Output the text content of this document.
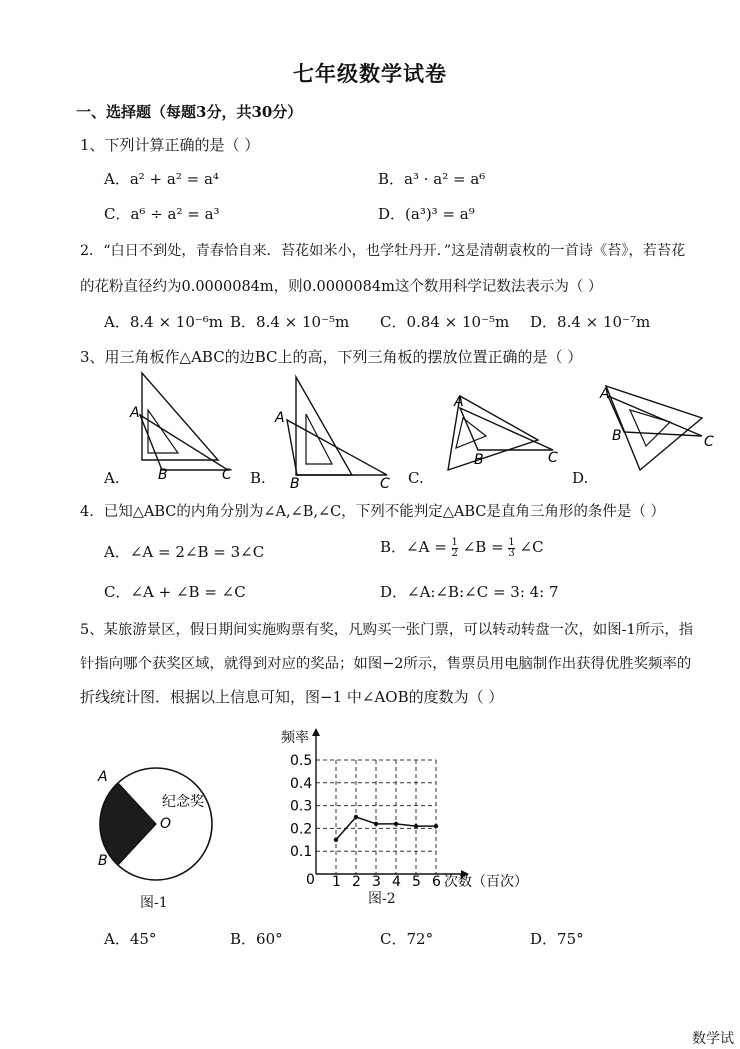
七年级数学试卷
一、选择题（每题3分，共30分）
1、下列计算正确的是（ ）
A．a² + a² = a⁴	B．a³ · a² = a⁶
C．a⁶ ÷ a² = a³	D．(a³)³ = a⁹
2．“白日不到处，青春恰自来．苔花如米小，也学牡丹开．”这是清朝袁枚的一首诗《苔》，若苔花
的花粉直径约为0.0000084m，则0.0000084m这个数用科学记数法表示为（ ）
A．8.4 × 10⁻⁶m B．8.4 × 10⁻⁵m C．0.84 × 10⁻⁵m D．8.4 × 10⁻⁷m
3、用三角板作△ABC的边BC上的高，下列三角板的摆放位置正确的是（ ）
A
B	C
A.
A
B	C
B.
A
B	C
C.
A
B	C
D.
4．已知△ABC的内角分别为∠A,∠B,∠C，下列不能判定△ABC是直角三角形的条件是（ ）
A．∠A = 2∠B = 3∠C	B．∠A = $\frac{1}{2}$ ∠B = $\frac{1}{3}$ ∠C
C．∠A + ∠B = ∠C	D．∠A:∠B:∠C = 3: 4: 7
5、某旅游景区，假日期间实施购票有奖，凡购买一张门票，可以转动转盘一次，如图-1所示，指
针指向哪个获奖区域，就得到对应的奖品；如图−2所示，售票员用电脑制作出获得优胜奖频率的
折线统计图．根据以上信息可知，图−1 中∠AOB的度数为（ ）
A
B
O
纪念奖
图-1
频率
次数（百次）
0.1
0.2
0.3
0.4
0.5
0 1 2 3 4 5 6
图-2
A．45°	B．60°	C．72°	D．75°
数学试
